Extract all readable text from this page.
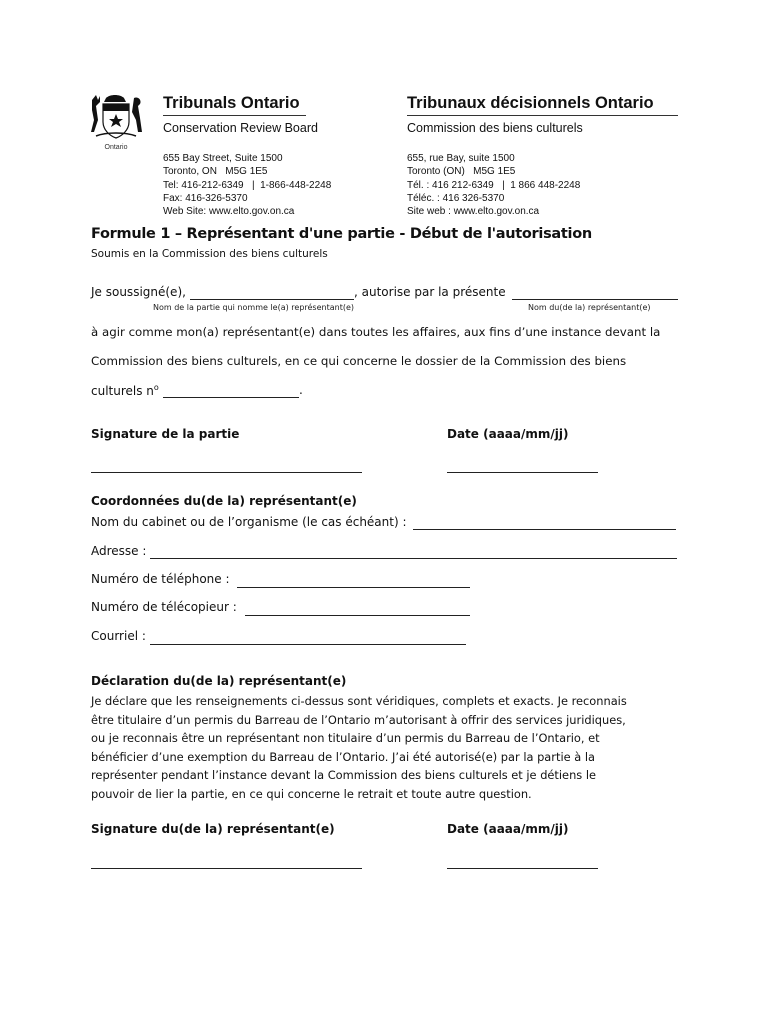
Ontario
Tribunals Ontario
Conservation Review Board

655 Bay Street, Suite 1500
Toronto, ON   M5G 1E5
Tel: 416-212-6349   |  1-866-448-2248
Fax: 416-326-5370
Web Site: www.elto.gov.on.ca

Tribunaux décisionnels Ontario
Commission des biens culturels

655, rue Bay, suite 1500
Toronto (ON)   M5G 1E5
Tél. : 416 212-6349   |  1 866 448-2248
Téléc. : 416 326-5370
Site web : www.elto.gov.on.ca

Formule 1 – Représentant d'une partie - Début de l'autorisation
Soumis en la Commission des biens culturels
Je soussigné(e),	, autorise par la présente
Nom de la partie qui nomme le(a) représentant(e)	Nom du(de la) représentant(e)
à agir comme mon(a) représentant(e) dans toutes les affaires, aux fins d’une instance devant la
Commission des biens culturels, en ce qui concerne le dossier de la Commission des biens
culturels $n^o$	.
Signature de la partie	Date (aaaa/mm/jj)
Coordonnées du(de la) représentant(e)
Nom du cabinet ou de l’organisme (le cas échéant) :
Adresse :
Numéro de téléphone :
Numéro de télécopieur :
Courriel :
Déclaration du(de la) représentant(e)
Je déclare que les renseignements ci-dessus sont véridiques, complets et exacts. Je reconnais
être titulaire d’un permis du Barreau de l’Ontario m’autorisant à offrir des services juridiques,
ou je reconnais être un représentant non titulaire d’un permis du Barreau de l’Ontario, et
bénéficier d’une exemption du Barreau de l’Ontario. J’ai été autorisé(e) par la partie à la
représenter pendant l’instance devant la Commission des biens culturels et je détiens le
pouvoir de lier la partie, en ce qui concerne le retrait et toute autre question.
Signature du(de la) représentant(e)	Date (aaaa/mm/jj)
